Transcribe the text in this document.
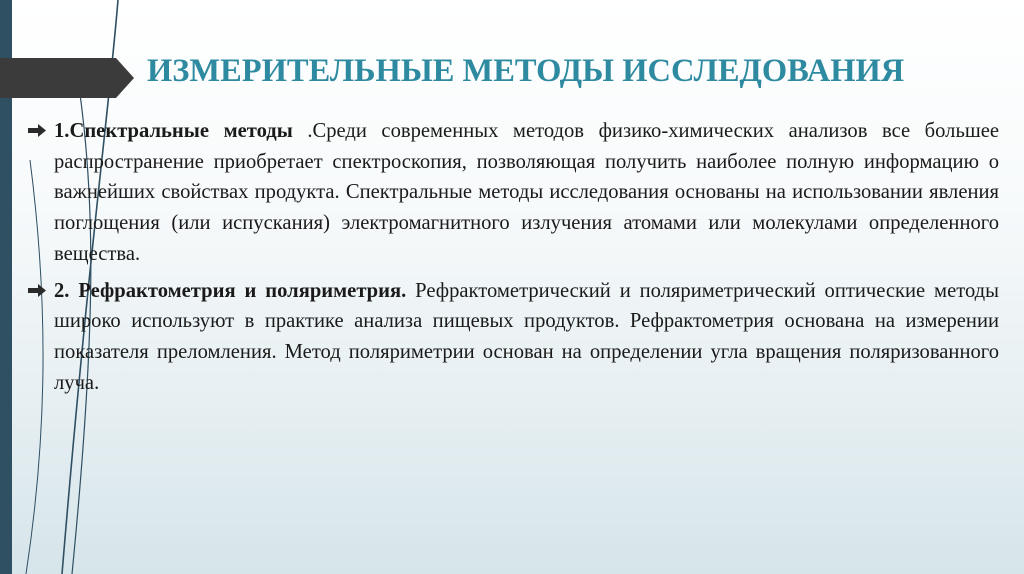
ИЗМЕРИТЕЛЬНЫЕ МЕТОДЫ ИССЛЕДОВАНИЯ

1.Спектральные методы .Среди современных методов физико-химических анализов все большее распространение приобретает спектроскопия, позволяющая получить наиболее полную информацию о важнейших свойствах продукта. Спектральные методы исследования основаны на использовании явления поглощения (или испускания) электромагнитного излучения атомами или молекулами определенного вещества.

2. Рефрактометрия и поляриметрия. Рефрактометрический и поляриметрический оптические методы широко используют в практике анализа пищевых продуктов. Рефрактометрия основана на измерении показателя преломления. Метод поляриметрии основан на определении угла вращения поляризованного луча.
